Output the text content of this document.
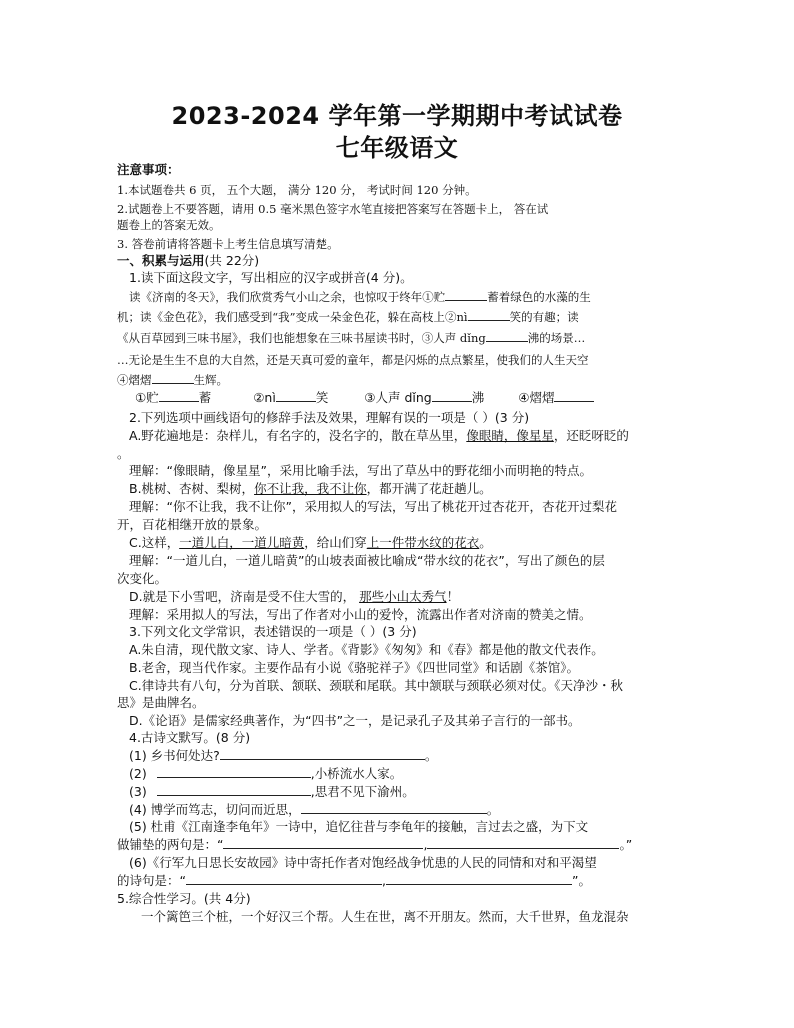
2023-2024 学年第一学期期中考试试卷
七年级语文
注意事项：
1.本试题卷共 6 页， 五个大题， 满分 120 分， 考试时间 120 分钟。
2.试题卷上不要答题，请用 0.5 毫米黑色签字水笔直接把答案写在答题卡上， 答在试
题卷上的答案无效。
3. 答卷前请将答题卡上考生信息填写清楚。
一、积累与运用(共 22分)
1.读下面这段文字，写出相应的汉字或拼音(4 分)。
读《济南的冬天》，我们欣赏秀气小山之余，也惊叹于终年①贮	蓄着绿色的水藻的生
机；读《金色花》，我们感受到“我”变成一朵金色花，躲在高枝上②nì	笑的有趣；读
《从百草园到三味书屋》，我们也能想象在三味书屋读书时，③人声 dǐng	沸的场景…
…无论是生生不息的大自然，还是天真可爱的童年，都是闪烁的点点繁星，使我们的人生天空
④熠熠	生辉。
①贮	蓄	②nì	笑	③人声 dǐng	沸	④熠熠
2.下列选项中画线语句的修辞手法及效果，理解有误的一项是（ ）(3 分)
A.野花遍地是：杂样儿，有名字的，没名字的，散在草丛里，像眼睛，像星星，还眨呀眨的
。
理解：“像眼睛，像星星”，采用比喻手法，写出了草丛中的野花细小而明艳的特点。
B.桃树、杏树、梨树，你不让我，我不让你，都开满了花赶趟儿。
理解：“你不让我，我不让你”，采用拟人的写法，写出了桃花开过杏花开，杏花开过梨花
开，百花相继开放的景象。
C.这样，一道儿白，一道儿暗黄，给山们穿上一件带水纹的花衣。
理解：“一道儿白，一道儿暗黄”的山坡表面被比喻成“带水纹的花衣”，写出了颜色的层
次变化。
D.就是下小雪吧，济南是受不住大雪的， 那些小山太秀气！
理解：采用拟人的写法，写出了作者对小山的爱怜，流露出作者对济南的赞美之情。
3.下列文化文学常识，表述错误的一项是（ ）(3 分)
A.朱自清，现代散文家、诗人、学者。《背影》《匆匆》和《春》都是他的散文代表作。
B.老舍，现当代作家。主要作品有小说《骆驼祥子》《四世同堂》和话剧《茶馆》。
C.律诗共有八句，分为首联、颔联、颈联和尾联。其中颔联与颈联必须对仗。《天净沙・秋
思》是曲牌名。
D.《论语》是儒家经典著作，为“四书”之一，是记录孔子及其弟子言行的一部书。
4.古诗文默写。(8 分)
(1) 乡书何处达?	。
(2)	,小桥流水人家。
(3)	,思君不见下渝州。
(4) 博学而笃志，切问而近思，	。
(5) 杜甫《江南逢李龟年》一诗中，追忆往昔与李龟年的接触，言过去之盛，为下文
做铺垫的两句是：“	,	。”
(6)《行军九日思长安故园》诗中寄托作者对饱经战争忧患的人民的同情和对和平渴望
的诗句是：“	,	”。
5.综合性学习。(共 4分)
一个篱笆三个桩，一个好汉三个帮。人生在世，离不开朋友。然而，大千世界，鱼龙混杂
